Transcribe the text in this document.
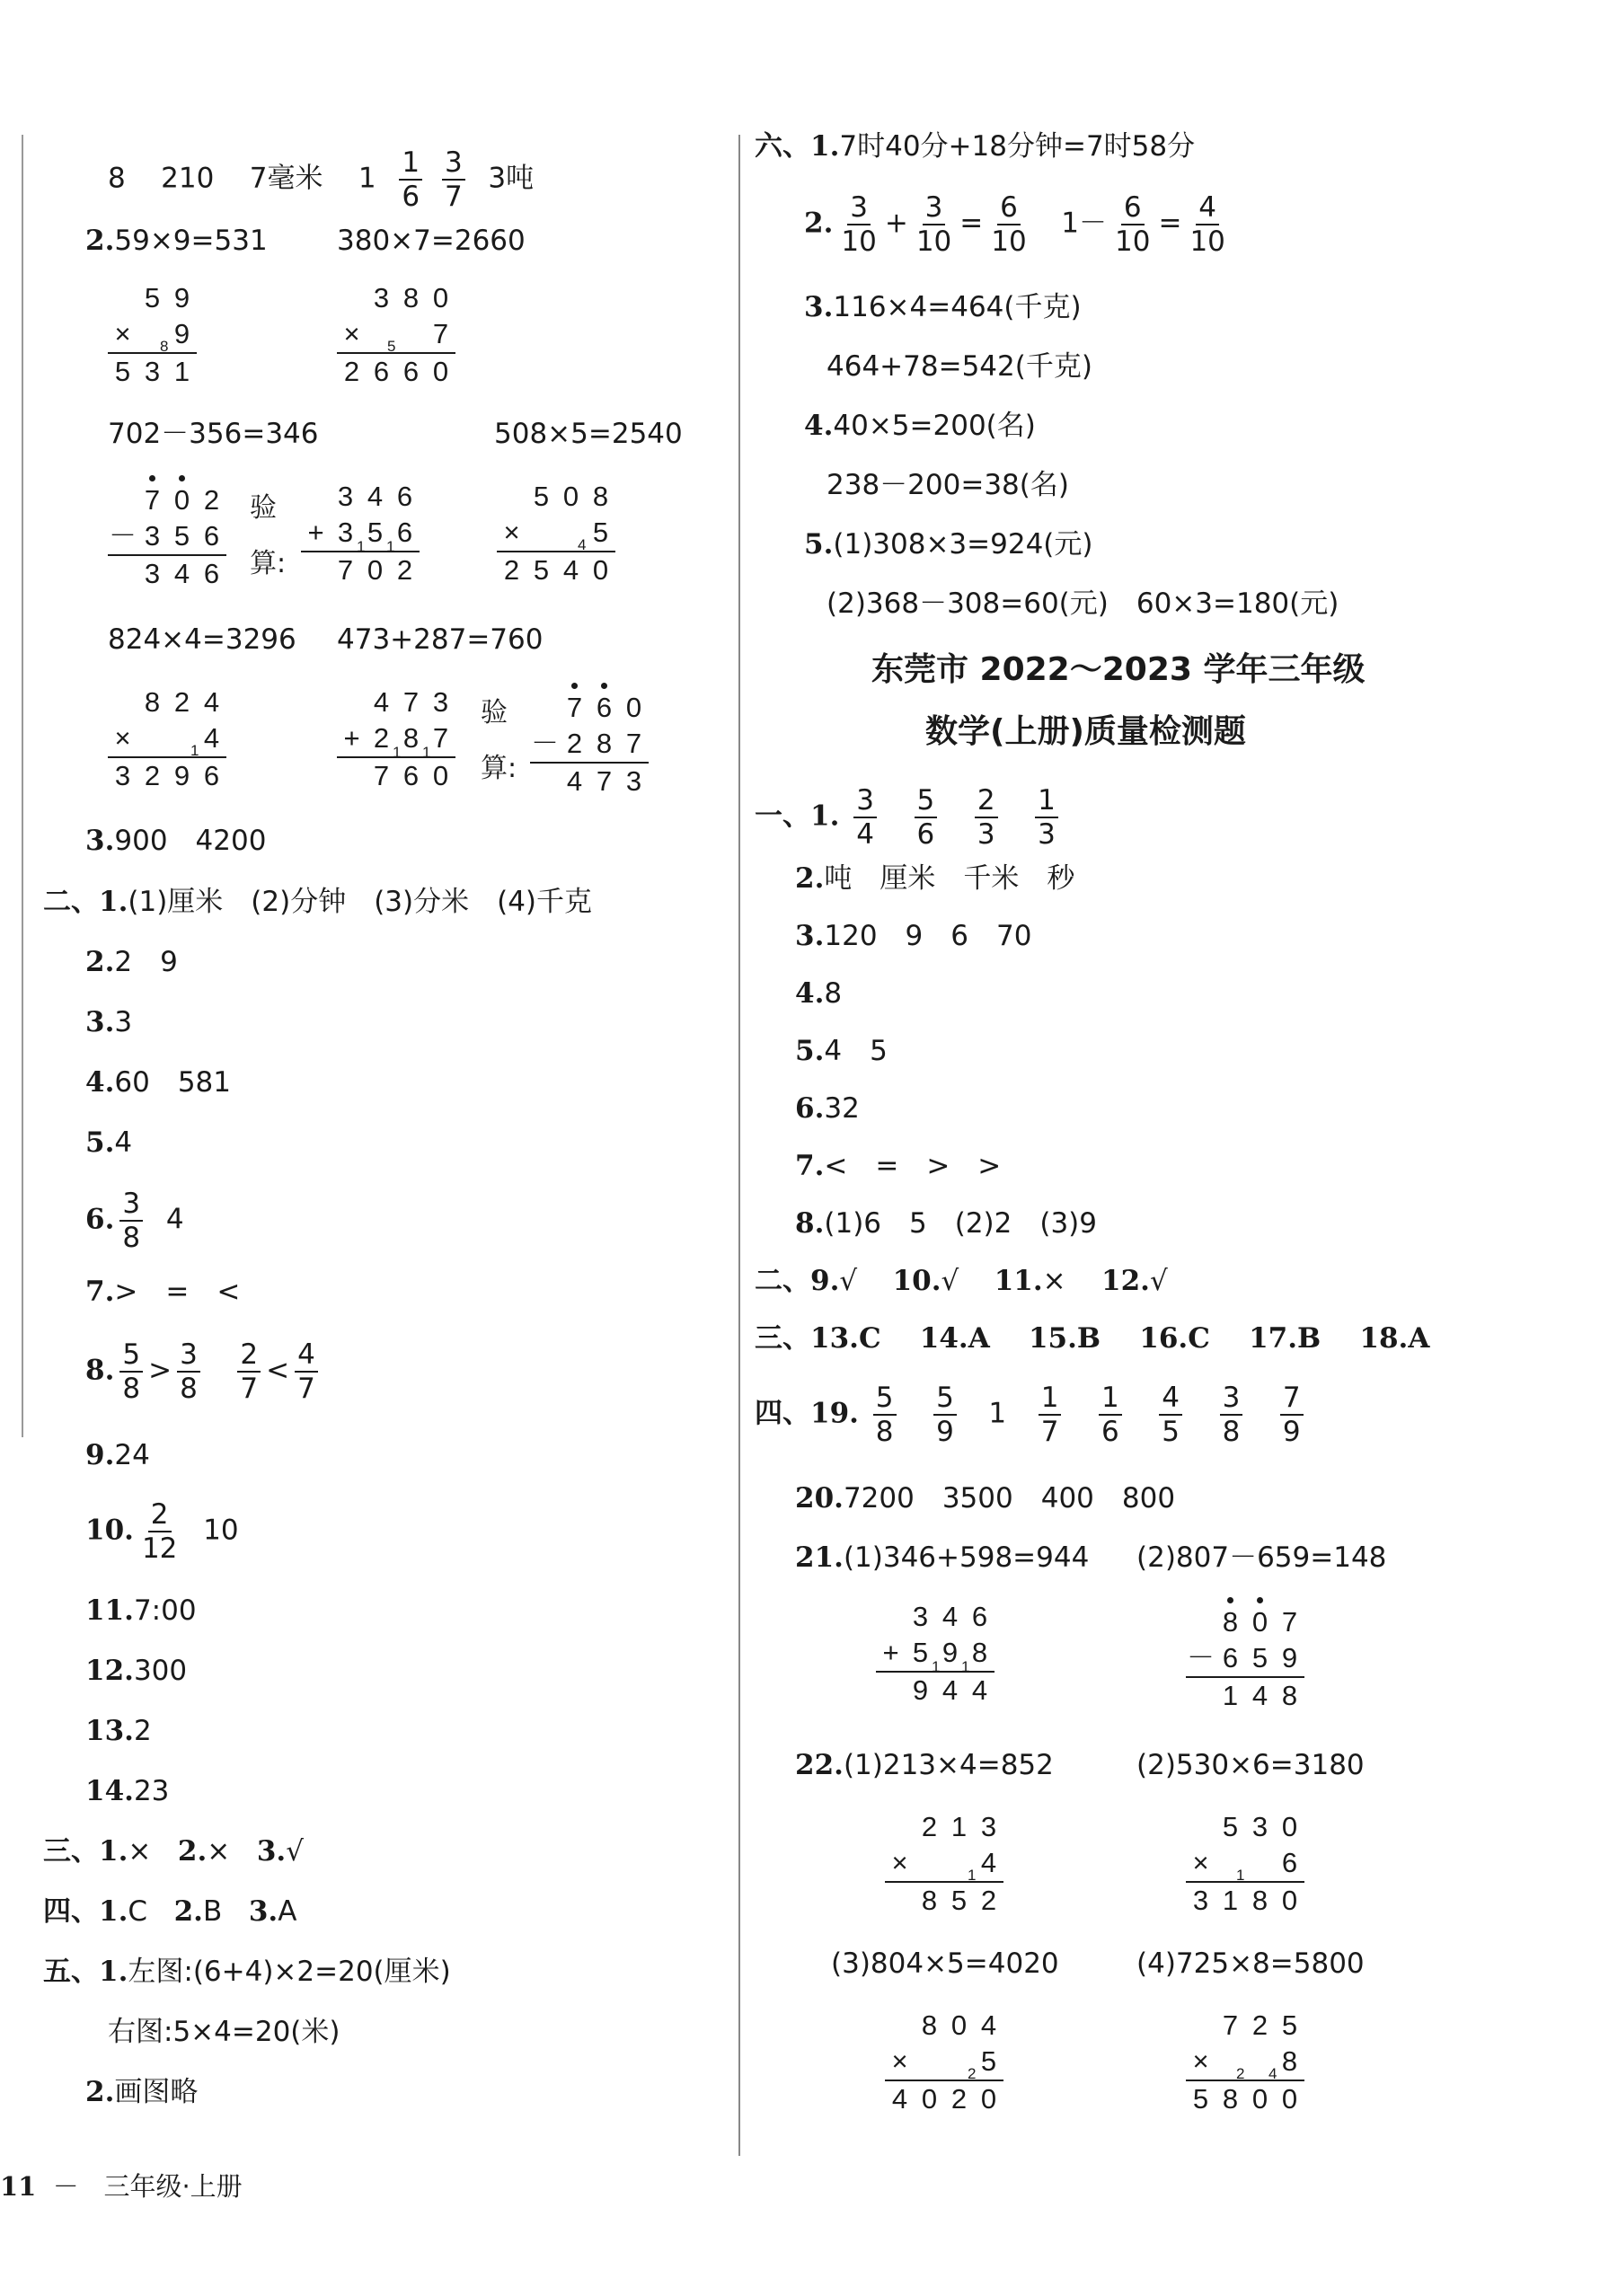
8 210 7毫米 $1 \frac{1}{6}$
$\frac{3}{7} 3$吨
2.59×9=531 380×7=2660
5 9
× 9
8
5 3 1
3 8 0
×	7
5
2 6 6 0
702－356=346	508×5=2540
7 0 2
－ 3 5 6
3 4 6
验
算:
3 4 6
+ 3 5 6
1 1
7 0 2
5 0 8
×	5
4
2 5 4 0
824×4=3296 473+287=760
8 2 4
×	4
1
3 2 9 6
4 7 3
+ 2 8 7
1 1
7 6 0
验
算:
7 6 0
－ 2 8 7
4 7 3
3.900　4200
二、1.(1)厘米　(2)分钟　(3)分米　(4)千克
2.2　9
3.3
4.60　581
5.4
6. $\frac{3}{8} 4$
7.>　=　<
8. $\frac{5}{8} > \frac{3}{8}$
$\frac{2}{7} < \frac{4}{7}$
9.24
10. $\frac{2}{12} 10$
11.7:00
12.300
13.2
14.23
三、1.× 2.× 3.√
四、1.C 2.B 3.A
五、1.左图:(6+4)×2=20(厘米)
右图:5×4=20(米)
2.画图略
六、1.7时40分+18分钟=7时58分
2. $\frac{3}{10} + \frac{3}{10} = \frac{6}{10} 1- \frac{6}{10} = \frac{4}{10}$
3.116×4=464(千克)
464+78=542(千克)
4.40×5=200(名)
238－200=38(名)
5.(1)308×3=924(元)
(2)368－308=60(元)　60×3=180(元)
东莞市 2022～2023 学年三年级
数学(上册)质量检测题
一、1. $\frac{3}{4}$
$\frac{5}{6}$
$\frac{2}{3}$
$\frac{1}{3}$
2.吨　厘米　千米　秒
3.120　9　6　70
4.8
5.4　5
6.32
7.<　=　>　>
8.(1)6　5　(2)2　(3)9
二、9.√ 10.√ 11.× 12.√
三、13.C 14.A 15.B 16.C 17.B 18.A
四、19. $\frac{5}{8}$
$\frac{5}{9} 1 \frac{1}{7}$
$\frac{1}{6}$
$\frac{4}{5}$
$\frac{3}{8}$
$\frac{7}{9}$
20.7200　3500　400　800
21.(1)346+598=944 (2)807－659=148
3 4 6
+ 5 9 8
1 1
9 4 4
8 0 7
－ 6 5 9
1 4 8
22.(1)213×4=852	(2)530×6=3180
2 1 3
×	4
1
8 5 2
5 3 0
×	6
1
3 1 8 0
(3)804×5=4020	(4)725×8=5800
8 0 4
×	5
2
4 0 2 0
7 2 5
×	8
2 4
5 8 0 0
11 － 三年级·上册
